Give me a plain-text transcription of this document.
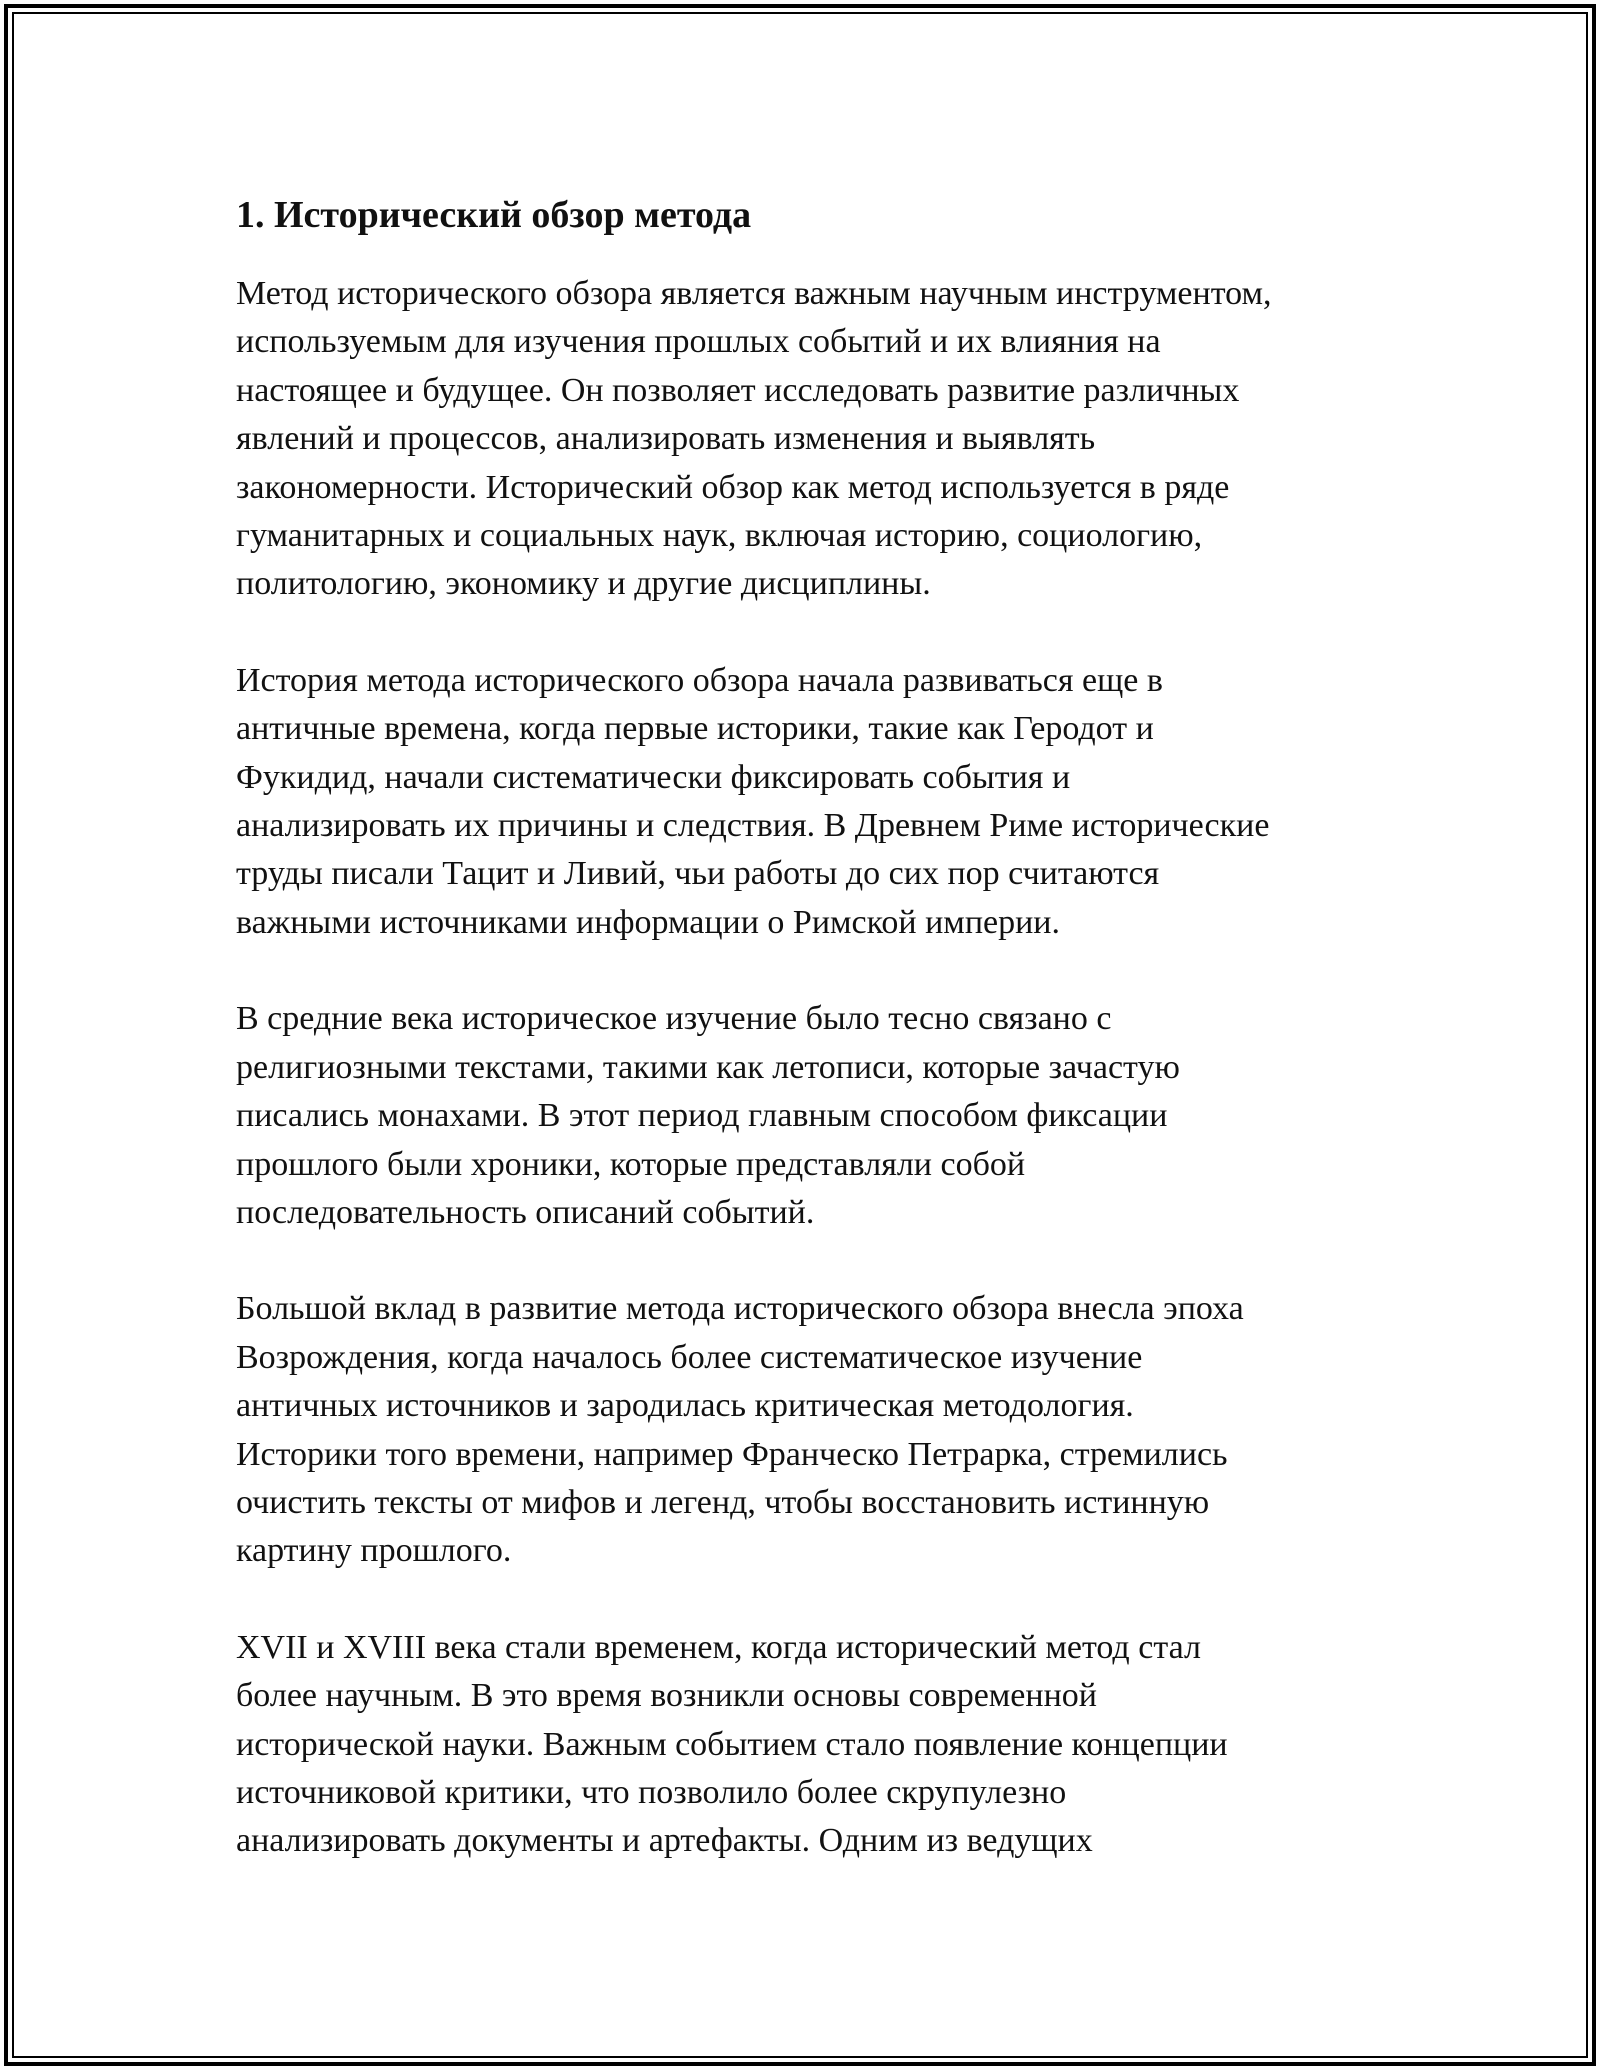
1. Исторический обзор метода

Метод исторического обзора является важным научным инструментом,
используемым для изучения прошлых событий и их влияния на
настоящее и будущее. Он позволяет исследовать развитие различных
явлений и процессов, анализировать изменения и выявлять
закономерности. Исторический обзор как метод используется в ряде
гуманитарных и социальных наук, включая историю, социологию,
политологию, экономику и другие дисциплины.

История метода исторического обзора начала развиваться еще в
античные времена, когда первые историки, такие как Геродот и
Фукидид, начали систематически фиксировать события и
анализировать их причины и следствия. В Древнем Риме исторические
труды писали Тацит и Ливий, чьи работы до сих пор считаются
важными источниками информации о Римской империи.

В средние века историческое изучение было тесно связано с
религиозными текстами, такими как летописи, которые зачастую
писались монахами. В этот период главным способом фиксации
прошлого были хроники, которые представляли собой
последовательность описаний событий.

Большой вклад в развитие метода исторического обзора внесла эпоха
Возрождения, когда началось более систематическое изучение
античных источников и зародилась критическая методология.
Историки того времени, например Франческо Петрарка, стремились
очистить тексты от мифов и легенд, чтобы восстановить истинную
картину прошлого.

XVII и XVIII века стали временем, когда исторический метод стал
более научным. В это время возникли основы современной
исторической науки. Важным событием стало появление концепции
источниковой критики, что позволило более скрупулезно
анализировать документы и артефакты. Одним из ведущих
